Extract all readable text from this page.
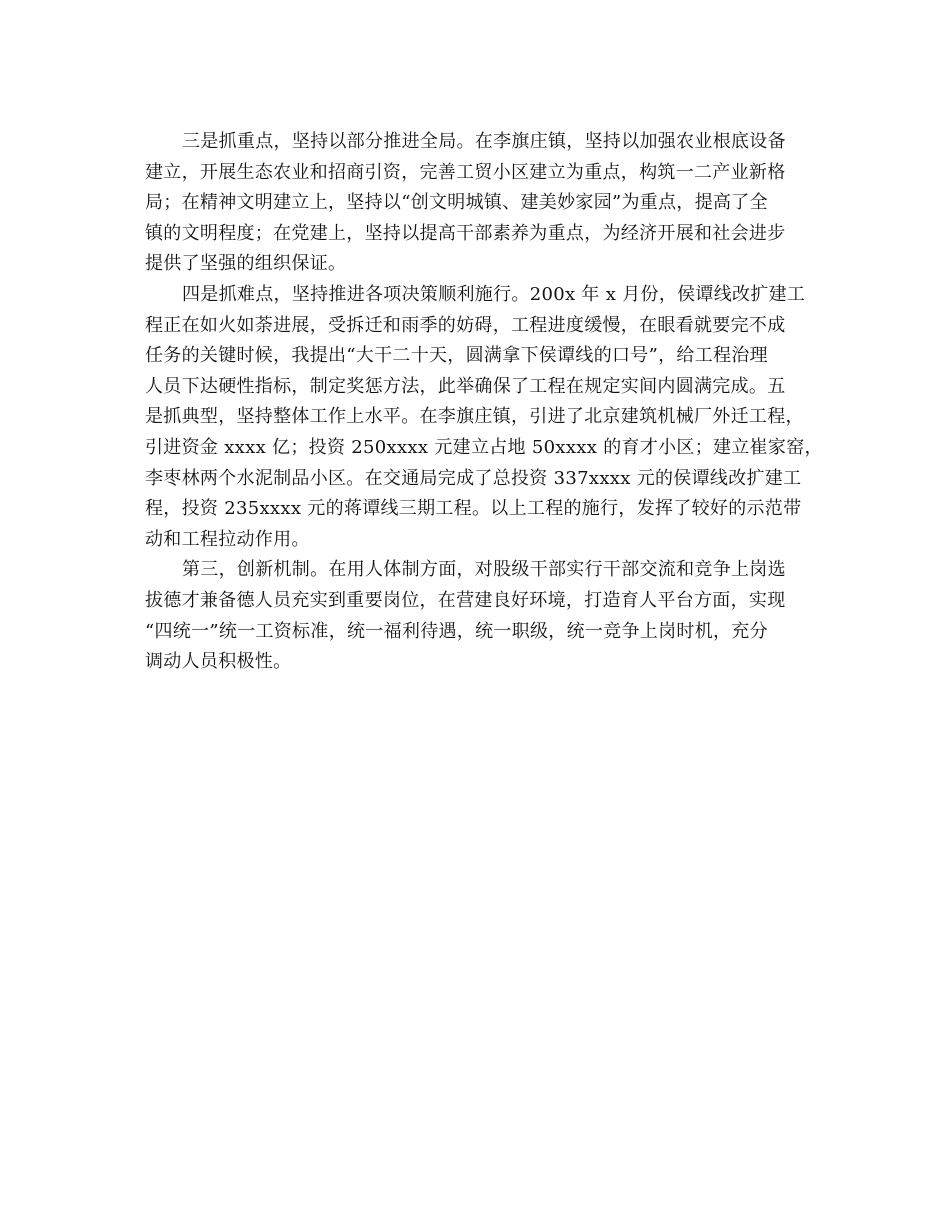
三是抓重点，坚持以部分推进全局。在李旗庄镇，坚持以加强农业根底设备
建立，开展生态农业和招商引资，完善工贸小区建立为重点，构筑一二产业新格
局；在精神文明建立上，坚持以“创文明城镇、建美妙家园”为重点，提高了全
镇的文明程度；在党建上，坚持以提高干部素养为重点，为经济开展和社会进步
提供了坚强的组织保证。

四是抓难点，坚持推进各项决策顺利施行。200x 年 x 月份，侯谭线改扩建工
程正在如火如荼进展，受拆迁和雨季的妨碍，工程进度缓慢，在眼看就要完不成
任务的关键时候，我提出“大干二十天，圆满拿下侯谭线的口号”，给工程治理
人员下达硬性指标，制定奖惩方法，此举确保了工程在规定实间内圆满完成。五
是抓典型，坚持整体工作上水平。在李旗庄镇，引进了北京建筑机械厂外迁工程，
引进资金 xxxx 亿；投资 250xxxx 元建立占地 50xxxx 的育才小区；建立崔家窑，
李枣林两个水泥制品小区。在交通局完成了总投资 337xxxx 元的侯谭线改扩建工
程，投资 235xxxx 元的蒋谭线三期工程。以上工程的施行，发挥了较好的示范带
动和工程拉动作用。

第三，创新机制。在用人体制方面，对股级干部实行干部交流和竞争上岗选
拔德才兼备德人员充实到重要岗位，在营建良好环境，打造育人平台方面，实现
“四统一”统一工资标准，统一福利待遇，统一职级，统一竞争上岗时机，充分
调动人员积极性。
